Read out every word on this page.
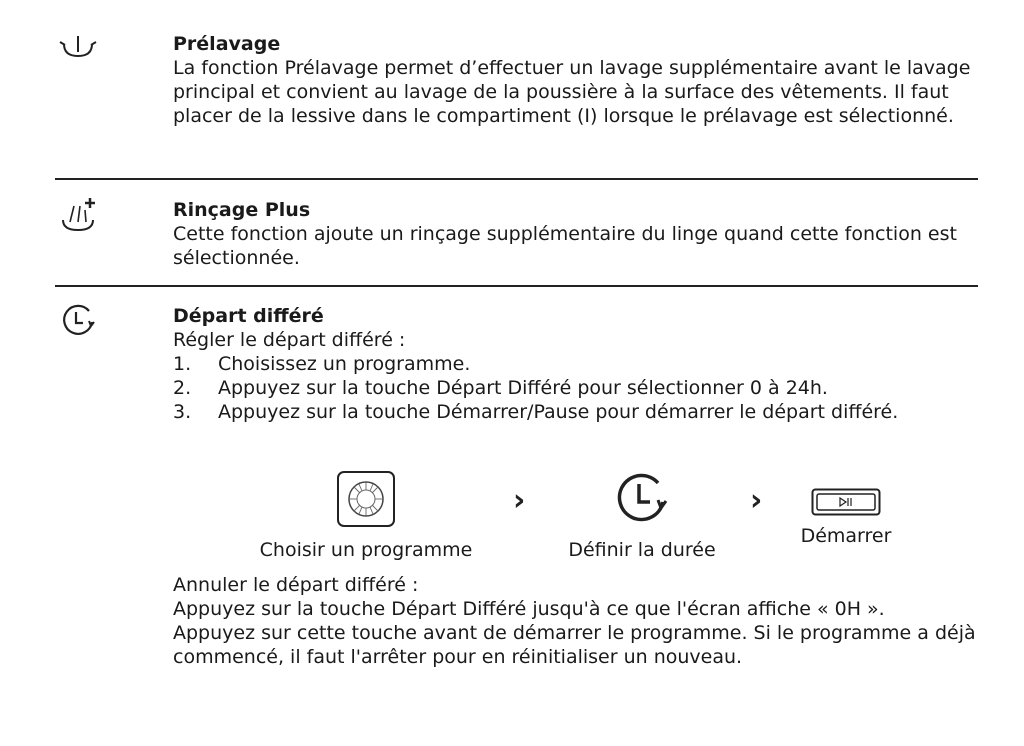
Prélavage

La fonction Prélavage permet d’effectuer un lavage supplémentaire avant le lavage principal et convient au lavage de la poussière à la surface des vêtements. Il faut placer de la lessive dans le compartiment (I) lorsque le prélavage est sélectionné.

Rinçage Plus

Cette fonction ajoute un rinçage supplémentaire du linge quand cette fonction est sélectionnée.

Départ différé

Régler le départ différé :

1. Choisissez un programme.
2. Appuyez sur la touche Départ Différé pour sélectionner 0 à 24h.
3. Appuyez sur la touche Démarrer/Pause pour démarrer le départ différé.
Choisir un programme
›
Définir la durée
›
Démarrer

Annuler le départ différé :

Appuyez sur la touche Départ Différé jusqu'à ce que l'écran affiche « 0H ».

Appuyez sur cette touche avant de démarrer le programme. Si le programme a déjà commencé, il faut l'arrêter pour en réinitialiser un nouveau.
